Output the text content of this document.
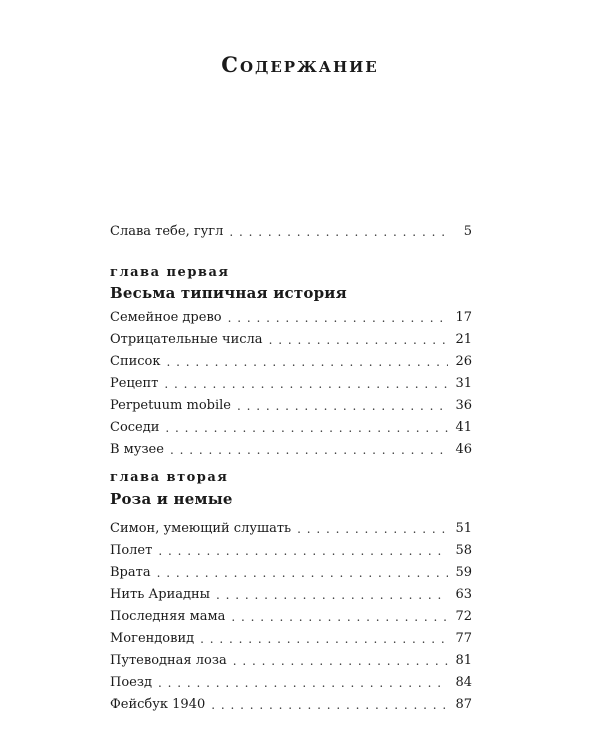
Содержание
Слава тебе, гугл . . .	5
глава первая
Весьма типичная история
Семейное древо . . .	17
Отрицательные числа . . .	21
Список . . .	26
Рецепт . . .	31
Perpetuum mobile . . .	36
Соседи . . .	41
В музее . . .	46
глава вторая
Роза и немые
Симон, умеющий слушать . . .	51
Полет . . .	58
Врата . . .	59
Нить Ариадны . . .	63
Последняя мама . . .	72
Могендовид . . .	77
Путеводная лоза . . .	81
Поезд . . .	84
Фейсбук 1940 . . .	87
